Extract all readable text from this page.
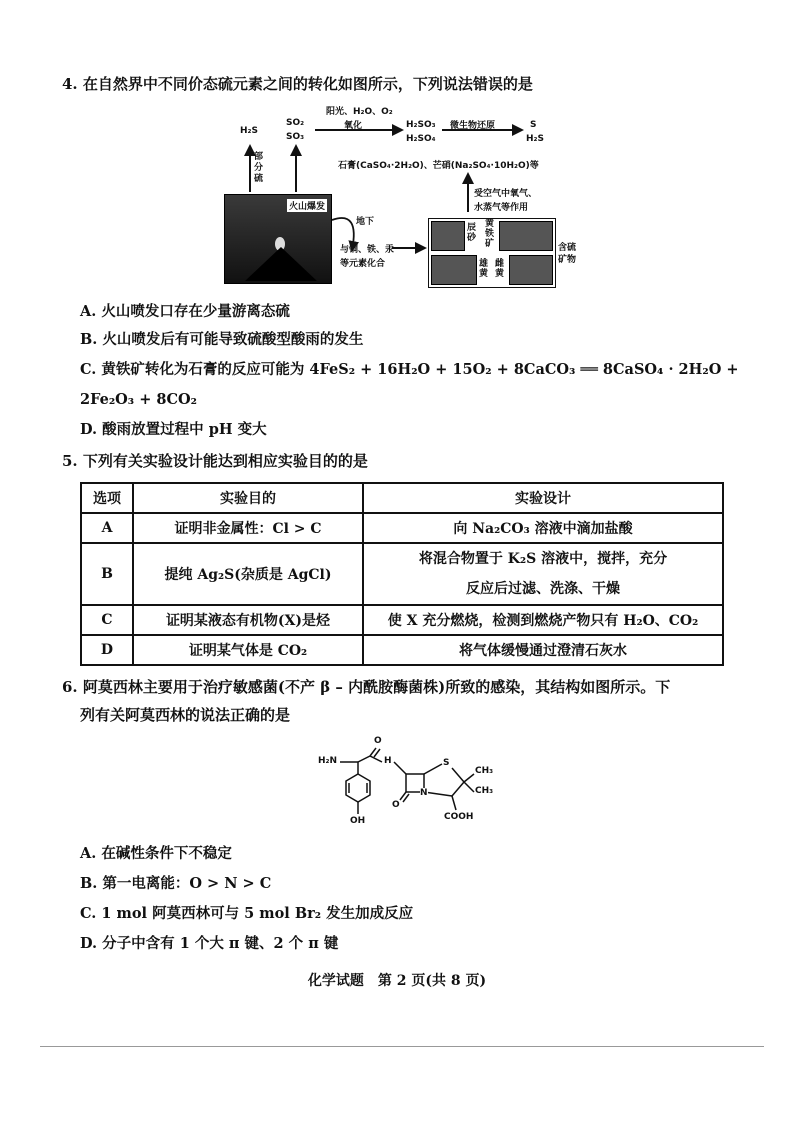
4. 在自然界中不同价态硫元素之间的转化如图所示，下列说法错误的是
H₂S
部分硫
SO₂
SO₃
阳光、H₂O、O₂
氧化	H₂SO₃
H₂SO₄
微生物还原	S
H₂S
石膏(CaSO₄·2H₂O)、芒硝(Na₂SO₄·10H₂O)等
受空气中氧气、
水蒸气等作用
火山爆发
地下
与铜、铁、汞
等元素化合
辰砂
黄铁矿
雄黄
雌黄
含硫矿物
A. 火山喷发口存在少量游离态硫
B. 火山喷发后有可能导致硫酸型酸雨的发生
C. 黄铁矿转化为石膏的反应可能为 4FeS₂ + 16H₂O + 15O₂ + 8CaCO₃ ══ 8CaSO₄ · 2H₂O +
2Fe₂O₃ + 8CO₂
D. 酸雨放置过程中 pH 变大
5. 下列有关实验设计能达到相应实验目的的是
选项	实验目的	实验设计
A	证明非金属性：Cl > C	向 Na₂CO₃ 溶液中滴加盐酸
B	提纯 Ag₂S(杂质是 AgCl)	将混合物置于 K₂S 溶液中，搅拌，充分
反应后过滤、洗涤、干燥

C	证明某液态有机物(X)是烃	使 X 充分燃烧，检测到燃烧产物只有 H₂O、CO₂
D	证明某气体是 CO₂	将气体缓慢通过澄清石灰水
6. 阿莫西林主要用于治疗敏感菌(不产 β – 内酰胺酶菌株)所致的感染，其结构如图所示。下
列有关阿莫西林的说法正确的是
H₂N
O
H	S
CH₃
CH₃
N
O
COOH
OH
A. 在碱性条件下不稳定
B. 第一电离能：O > N > C
C. 1 mol 阿莫西林可与 5 mol Br₂ 发生加成反应
D. 分子中含有 1 个大 π 键、2 个 π 键
化学试题　第 2 页(共 8 页)
